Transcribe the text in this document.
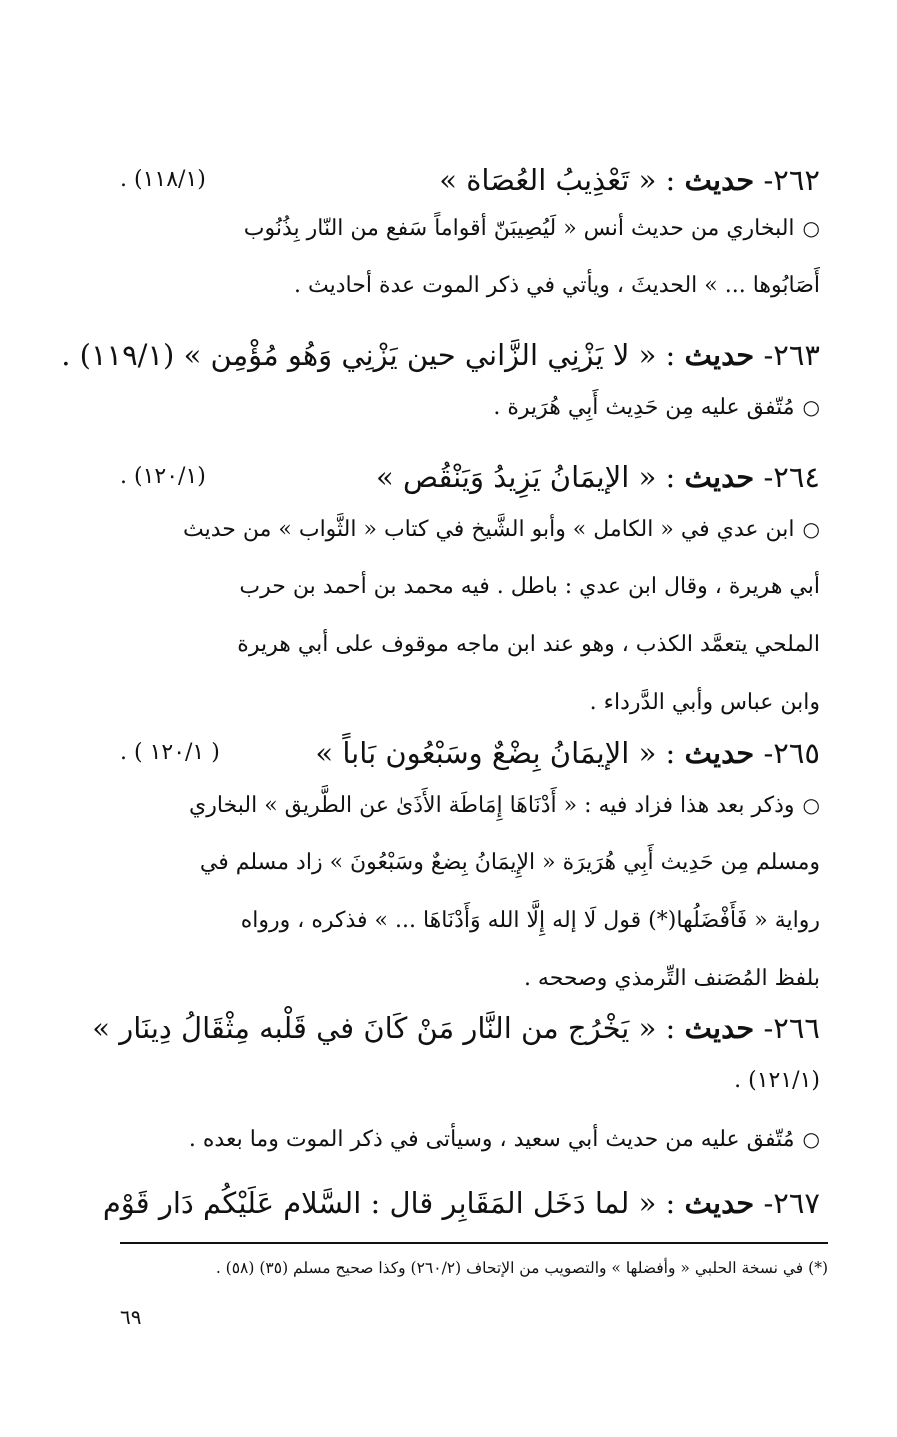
٢٦٢- حديث : « تَعْذِيبُ العُصَاة »
(١١٨/١) .
○البخاري من حديث أنس « لَيُصِيبَنّ أقواماً سَفع من النّار بِذُنُوب
أَصَابُوها ... » الحديثَ ، ويأتي في ذكر الموت عدة أحاديث .
٢٦٣- حديث : « لا يَزْنِي الزَّاني حين يَزْنِي وَهُو مُؤْمِن » (١١٩/١) .
○مُتّفق عليه مِن حَدِيث أَبِي هُرَيرة .
٢٦٤- حديث : « الإيمَانُ يَزِيدُ وَيَنْقُص »
(١٢٠/١) .
○ابن عدي في « الكامل » وأبو الشَّيخ في كتاب « الثَّواب » من حديث
أبي هريرة ، وقال ابن عدي : باطل . فيه محمد بن أحمد بن حرب
الملحي يتعمَّد الكذب ، وهو عند ابن ماجه موقوف على أبي هريرة
وابن عباس وأبي الدَّرداء .
٢٦٥- حديث : « الإيمَانُ بِضْعٌ وسَبْعُون بَاباً »
( ١٢٠/١ ) .
○وذكر بعد هذا فزاد فيه : « أَدْنَاهَا إِمَاطَة الأَذَىٰ عن الطَّريق » البخاري
ومسلم مِن حَدِيث أَبِي هُرَيرَة « الإِيمَانُ بِضعٌ وسَبْعُونَ » زاد مسلم في
رواية « فَأَفْضَلُها(*) قول لَا إله إِلَّا الله وَأَدْنَاهَا ... » فذكره ، ورواه
بلفظ المُصَنف التِّرمذي وصححه .
٢٦٦- حديث : « يَخْرُج من النَّار مَنْ كَانَ في قَلْبه مِثْقَالُ دِينَار »
(١٢١/١) .
○مُتّفق عليه من حديث أبي سعيد ، وسيأتى في ذكر الموت وما بعده .
٢٦٧- حديث : « لما دَخَل المَقَابِر قال : السَّلام عَلَيْكُم دَار قَوْم
(*) في نسخة الحلبي « وأفضلها » والتصويب من الإتحاف (٢٦٠/٢) وكذا صحيح مسلم (٣٥) (٥٨) .
٦٩
